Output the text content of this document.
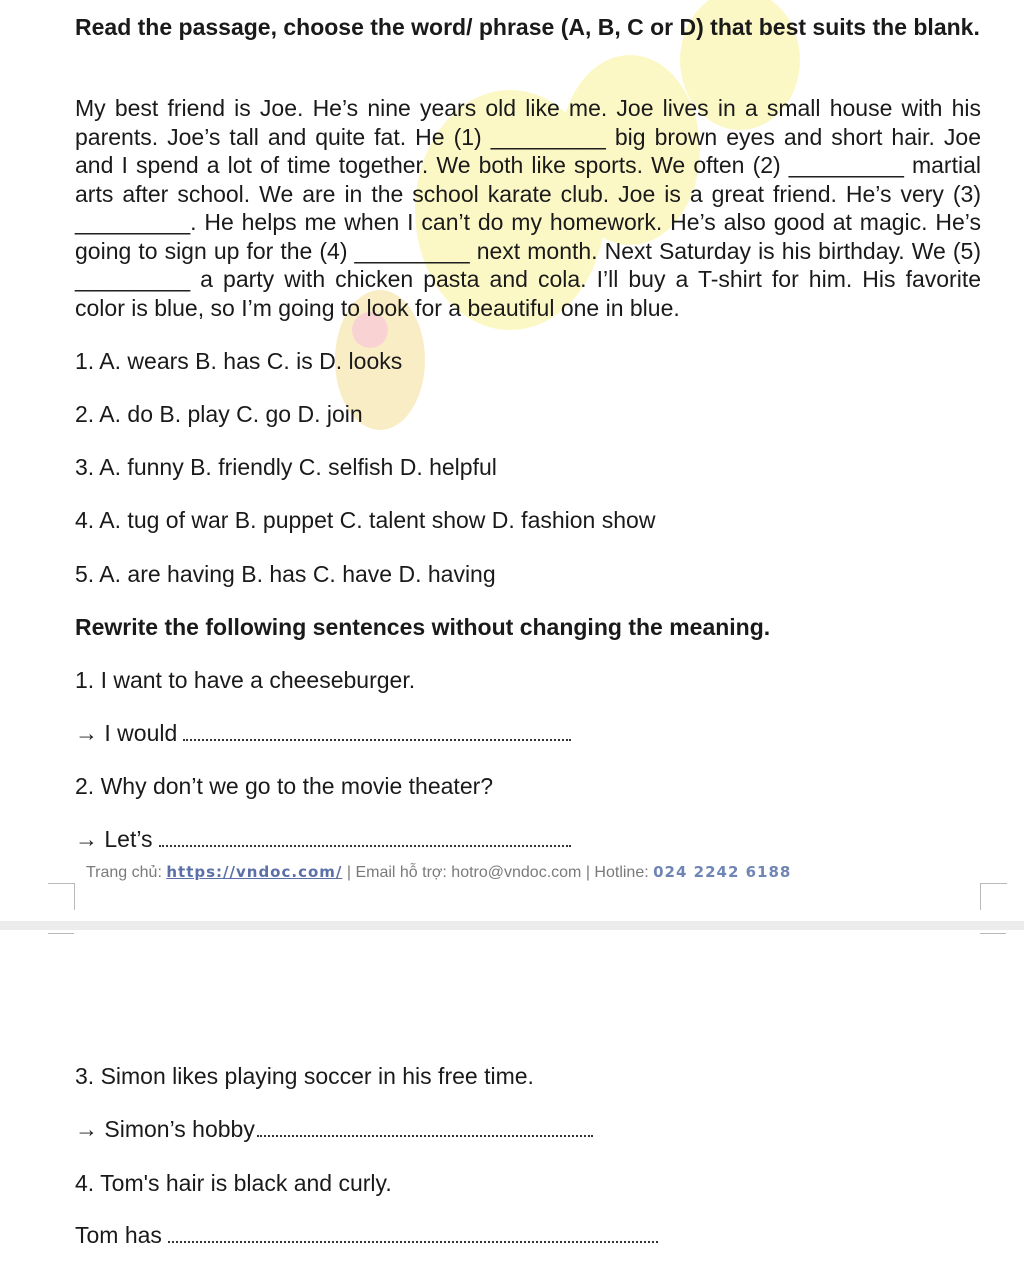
Read the passage, choose the word/ phrase (A, B, C or D) that best suits the blank.
My best friend is Joe. He’s nine years old like me. Joe lives in a small house with his parents. Joe’s tall and quite fat. He (1) _________ big brown eyes and short hair. Joe and I spend a lot of time together. We both like sports. We often (2) _________ martial arts after school. We are in the school karate club. Joe is a great friend. He’s very (3) _________. He helps me when I can’t do my homework. He’s also good at magic. He’s going to sign up for the (4) _________ next month. Next Saturday is his birthday. We (5) _________ a party with chicken pasta and cola. I’ll buy a T-shirt for him. His favorite color is blue, so I’m going to look for a beautiful one in blue.
1. A. wears B. has C. is D. looks
2. A. do B. play C. go D. join
3. A. funny B. friendly C. selfish D. helpful
4. A. tug of war B. puppet C. talent show D. fashion show
5. A. are having B. has C. have D. having
Rewrite the following sentences without changing the meaning.
1. I want to have a cheeseburger.
→ I would
2. Why don’t we go to the movie theater?
→ Let’s
Trang chủ: https://vndoc.com/ | Email hỗ trợ: hotro@vndoc.com | Hotline: 024 2242 6188
3. Simon likes playing soccer in his free time.
→ Simon’s hobby
4. Tom's hair is black and curly.
Tom has
